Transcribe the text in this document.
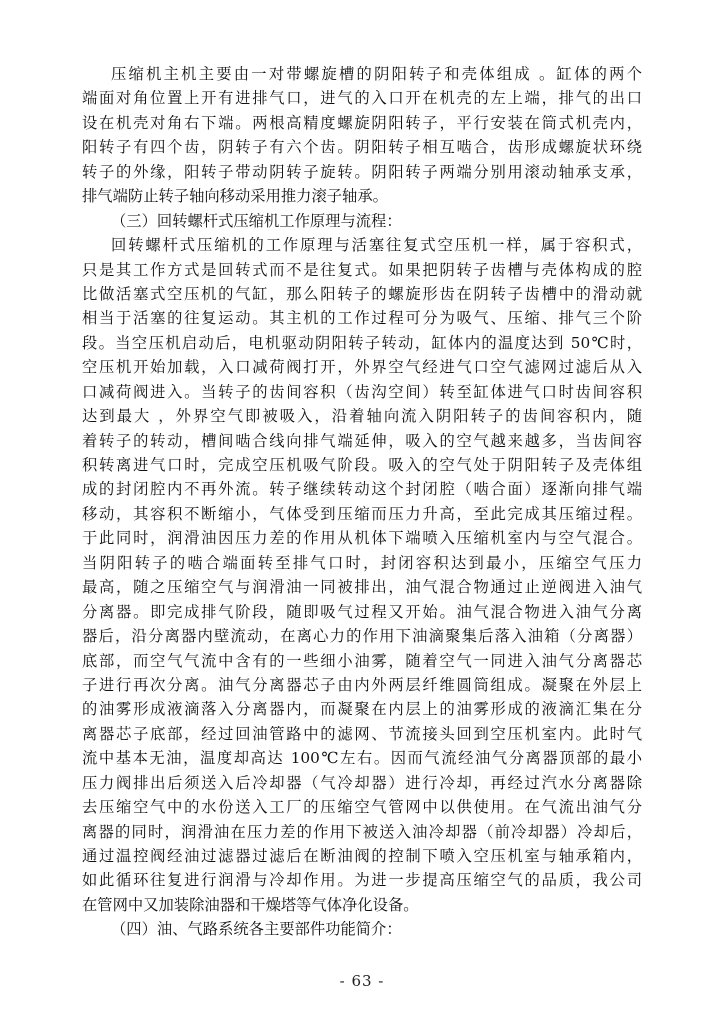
压缩机主机主要由一对带螺旋槽的阴阳转子和壳体组成 。缸体的两个
端面对角位置上开有进排气口，进气的入口开在机壳的左上端，排气的出口
设在机壳对角右下端。两根高精度螺旋阴阳转子，平行安装在筒式机壳内，
阳转子有四个齿，阴转子有六个齿。阴阳转子相互啮合，齿形成螺旋状环绕
转子的外缘，阳转子带动阴转子旋转。阴阳转子两端分别用滚动轴承支承，
排气端防止转子轴向移动采用推力滚子轴承。
（三）回转螺杆式压缩机工作原理与流程：
回转螺杆式压缩机的工作原理与活塞往复式空压机一样，属于容积式，
只是其工作方式是回转式而不是往复式。如果把阴转子齿槽与壳体构成的腔
比做活塞式空压机的气缸，那么阳转子的螺旋形齿在阴转子齿槽中的滑动就
相当于活塞的往复运动。其主机的工作过程可分为吸气、压缩、排气三个阶
段。当空压机启动后，电机驱动阴阳转子转动，缸体内的温度达到 50℃时，
空压机开始加载，入口减荷阀打开，外界空气经进气口空气滤网过滤后从入
口减荷阀进入。当转子的齿间容积（齿沟空间）转至缸体进气口时齿间容积
达到最大 ，外界空气即被吸入，沿着轴向流入阴阳转子的齿间容积内，随
着转子的转动，槽间啮合线向排气端延伸，吸入的空气越来越多，当齿间容
积转离进气口时，完成空压机吸气阶段。吸入的空气处于阴阳转子及壳体组
成的封闭腔内不再外流。转子继续转动这个封闭腔（啮合面）逐渐向排气端
移动，其容积不断缩小，气体受到压缩而压力升高，至此完成其压缩过程。
于此同时，润滑油因压力差的作用从机体下端喷入压缩机室内与空气混合。
当阴阳转子的啮合端面转至排气口时，封闭容积达到最小，压缩空气压力
最高，随之压缩空气与润滑油一同被排出，油气混合物通过止逆阀进入油气
分离器。即完成排气阶段，随即吸气过程又开始。油气混合物进入油气分离
器后，沿分离器内壁流动，在离心力的作用下油滴聚集后落入油箱（分离器）
底部，而空气气流中含有的一些细小油雾，随着空气一同进入油气分离器芯
子进行再次分离。油气分离器芯子由内外两层纤维圆筒组成。凝聚在外层上
的油雾形成液滴落入分离器内，而凝聚在内层上的油雾形成的液滴汇集在分
离器芯子底部，经过回油管路中的滤网、节流接头回到空压机室内。此时气
流中基本无油，温度却高达 100℃左右。因而气流经油气分离器顶部的最小
压力阀排出后须送入后冷却器（气冷却器）进行冷却，再经过汽水分离器除
去压缩空气中的水份送入工厂的压缩空气管网中以供使用。在气流出油气分
离器的同时，润滑油在压力差的作用下被送入油冷却器（前冷却器）冷却后，
通过温控阀经油过滤器过滤后在断油阀的控制下喷入空压机室与轴承箱内，
如此循环往复进行润滑与冷却作用。为进一步提高压缩空气的品质，我公司
在管网中又加装除油器和干燥塔等气体净化设备。
（四）油、气路系统各主要部件功能简介：
- 63 -
